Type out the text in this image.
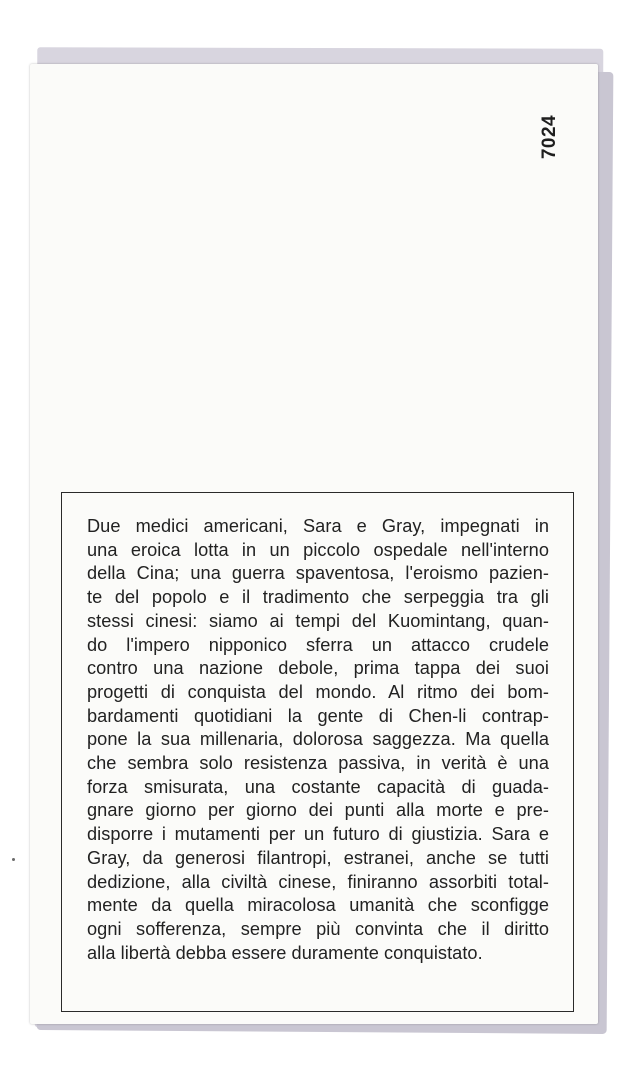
7024
Due medici americani, Sara e Gray, impegnati in
una eroica lotta in un piccolo ospedale nell'interno
della Cina; una guerra spaventosa, l'eroismo pazien-
te del popolo e il tradimento che serpeggia tra gli
stessi cinesi: siamo ai tempi del Kuomintang, quan-
do l'impero nipponico sferra un attacco crudele
contro una nazione debole, prima tappa dei suoi
progetti di conquista del mondo. Al ritmo dei bom-
bardamenti quotidiani la gente di Chen-li contrap-
pone la sua millenaria, dolorosa saggezza. Ma quella
che sembra solo resistenza passiva, in verità è una
forza smisurata, una costante capacità di guada-
gnare giorno per giorno dei punti alla morte e pre-
disporre i mutamenti per un futuro di giustizia. Sara e
Gray, da generosi filantropi, estranei, anche se tutti
dedizione, alla civiltà cinese, finiranno assorbiti total-
mente da quella miracolosa umanità che sconfigge
ogni sofferenza, sempre più convinta che il diritto
alla libertà debba essere duramente conquistato.
